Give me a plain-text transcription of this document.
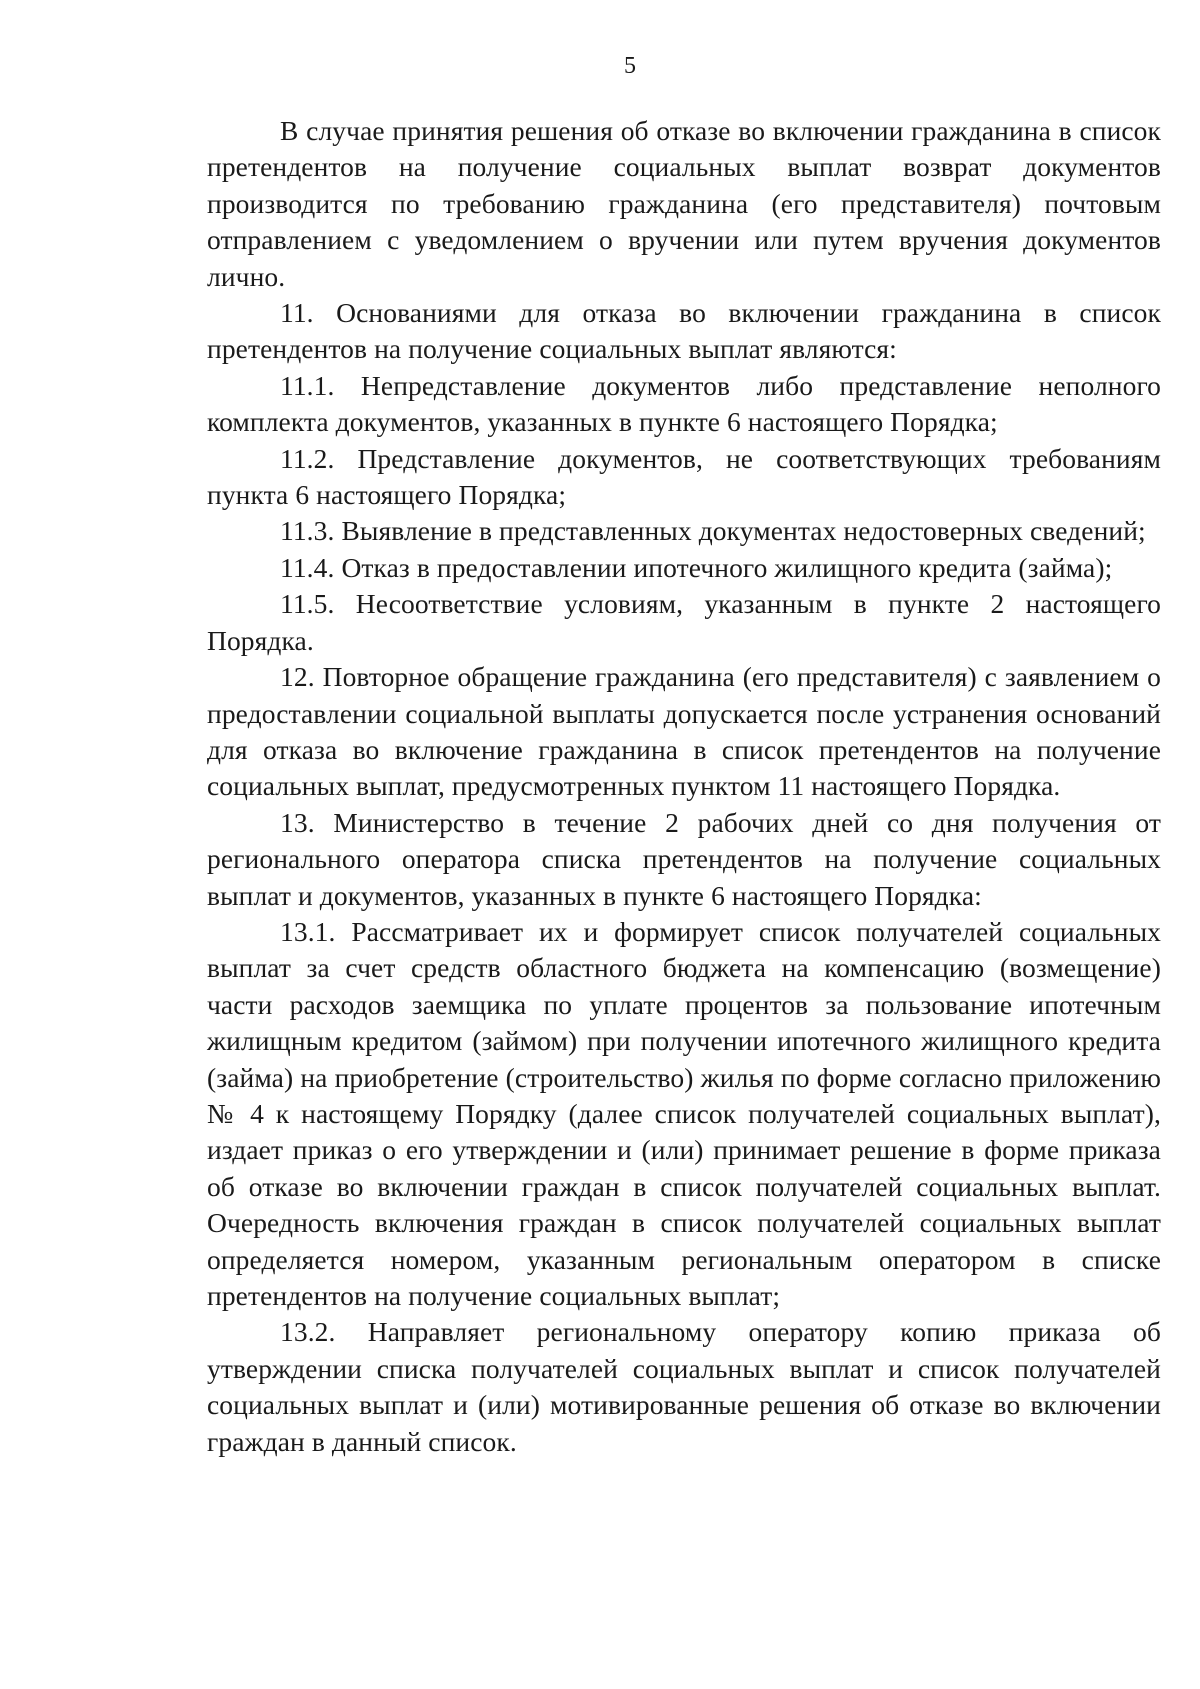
5

В случае принятия решения об отказе во включении гражданина в список претендентов на получение социальных выплат возврат документов производится по требованию гражданина (его представителя) почтовым отправлением с уведомлением о вручении или путем вручения документов лично.

11. Основаниями для отказа во включении гражданина в список претендентов на получение социальных выплат являются:

11.1. Непредставление документов либо представление неполного комплекта документов, указанных в пункте 6 настоящего Порядка;

11.2. Представление документов, не соответствующих требованиям пункта 6 настоящего Порядка;

11.3. Выявление в представленных документах недостоверных сведений;

11.4. Отказ в предоставлении ипотечного жилищного кредита (займа);

11.5. Несоответствие условиям, указанным в пункте 2 настоящего Порядка.

12. Повторное обращение гражданина (его представителя) с заявлением о предоставлении социальной выплаты допускается после устранения оснований для отказа во включение гражданина в список претендентов на получение социальных выплат, предусмотренных пунктом 11 настоящего Порядка.

13. Министерство в течение 2 рабочих дней со дня получения от регионального оператора списка претендентов на получение социальных выплат и документов, указанных в пункте 6 настоящего Порядка:

13.1. Рассматривает их и формирует список получателей социальных выплат за счет средств областного бюджета на компенсацию (возмещение) части расходов заемщика по уплате процентов за пользование ипотечным жилищным кредитом (займом) при получении ипотечного жилищного кредита (займа) на приобретение (строительство) жилья по форме согласно приложению № 4 к настоящему Порядку (далее список получателей социальных выплат), издает приказ о его утверждении и (или) принимает решение в форме приказа об отказе во включении граждан в список получателей социальных выплат. Очередность включения граждан в список получателей социальных выплат определяется номером, указанным региональным оператором в списке претендентов на получение социальных выплат;

13.2. Направляет региональному оператору копию приказа об утверждении списка получателей социальных выплат и список получателей социальных выплат и (или) мотивированные решения об отказе во включении граждан в данный список.
